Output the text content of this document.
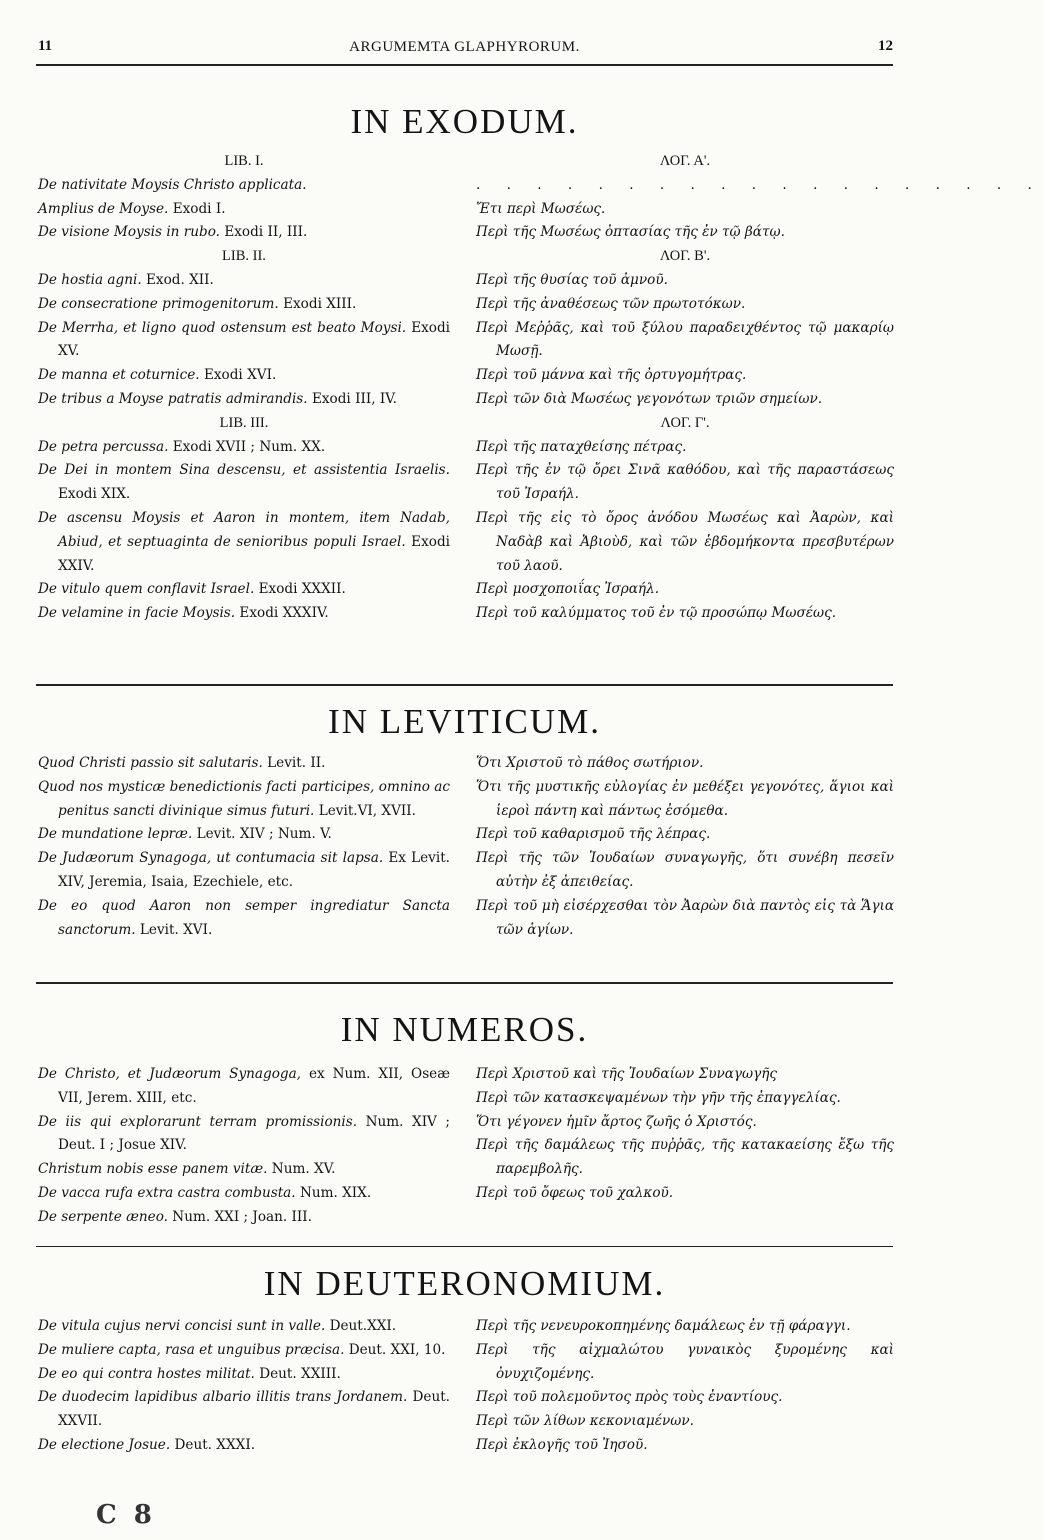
11	ARGUMEMTA GLAPHYRORUM.	12
IN EXODUM.
LIB. I.
De nativitate Moysis Christo applicata.
Amplius de Moyse. Exodi I.
De visione Moysis in rubo. Exodi II, III.
LIB. II.
De hostia agni. Exod. XII.
De consecratione primogenitorum. Exodi XIII.
De Merrha, et ligno quod ostensum est beato Moysi. Exodi XV.
De manna et coturnice. Exodi XVI.
De tribus a Moyse patratis admirandis. Exodi III, IV.
LIB. III.
De petra percussa. Exodi XVII ; Num. XX.
De Dei in montem Sina descensu, et assistentia Israelis. Exodi XIX.
De ascensu Moysis et Aaron in montem, item Nadab, Abiud, et septuaginta de senioribus populi Israel. Exodi XXIV.
De vitulo quem conflavit Israel. Exodi XXXII.
De velamine in facie Moysis. Exodi XXXIV.
ΛΟΓ. Α'.
. . . . . . . . . . . . . . . . . . .
Ἔτι περὶ Μωσέως.
Περὶ τῆς Μωσέως ὀπτασίας τῆς ἐν τῷ βάτῳ.
ΛΟΓ. Β'.
Περὶ τῆς θυσίας τοῦ ἀμνοῦ.
Περὶ τῆς ἀναθέσεως τῶν πρωτοτόκων.
Περὶ Μεῤῥᾶς, καὶ τοῦ ξύλου παραδειχθέντος τῷ μακαρίῳ Μωσῇ.
Περὶ τοῦ μάννα καὶ τῆς ὀρτυγομήτρας.
Περὶ τῶν διὰ Μωσέως γεγονότων τριῶν σημείων.
ΛΟΓ. Γ'.
Περὶ τῆς παταχθείσης πέτρας.
Περὶ τῆς ἐν τῷ ὄρει Σινᾶ καθόδου, καὶ τῆς παραστάσεως τοῦ Ἰσραήλ.
Περὶ τῆς εἰς τὸ ὄρος ἀνόδου Μωσέως καὶ Ἀαρὼν, καὶ Ναδὰβ καὶ Ἀβιοὺδ, καὶ τῶν ἑβδομήκοντα πρεσβυτέρων τοῦ λαοῦ.
Περὶ μοσχοποιΐας Ἰσραήλ.
Περὶ τοῦ καλύμματος τοῦ ἐν τῷ προσώπῳ Μωσέως.
IN LEVITICUM.
Quod Christi passio sit salutaris. Levit. II.
Quod nos mysticæ benedictionis facti participes, omnino ac penitus sancti divinique simus futuri. Levit.VI, XVII.
De mundatione lepræ. Levit. XIV ; Num. V.
De Judæorum Synagoga, ut contumacia sit lapsa. Ex Levit. XIV, Jeremia, Isaia, Ezechiele, etc.
De eo quod Aaron non semper ingrediatur Sancta sanctorum. Levit. XVI.
Ὅτι Χριστοῦ τὸ πάθος σωτήριον.
Ὅτι τῆς μυστικῆς εὐλογίας ἐν μεθέξει γεγονότες, ἅγιοι καὶ ἱεροὶ πάντη καὶ πάντως ἐσόμεθα.
Περὶ τοῦ καθαρισμοῦ τῆς λέπρας.
Περὶ τῆς τῶν Ἰουδαίων συναγωγῆς, ὅτι συνέβη πεσεῖν αὐτὴν ἐξ ἀπειθείας.
Περὶ τοῦ μὴ εἰσέρχεσθαι τὸν Ἀαρὼν διὰ παντὸς εἰς τὰ Ἅγια τῶν ἁγίων.
IN NUMEROS.
De Christo, et Judæorum Synagoga, ex Num. XII, Oseæ VII, Jerem. XIII, etc.
De iis qui explorarunt terram promissionis. Num. XIV ; Deut. I ; Josue XIV.
Christum nobis esse panem vitæ. Num. XV.
De vacca rufa extra castra combusta. Num. XIX.
De serpente æneo. Num. XXI ; Joan. III.
Περὶ Χριστοῦ καὶ τῆς Ἰουδαίων Συναγωγῆς
Περὶ τῶν κατασκεψαμένων τὴν γῆν τῆς ἐπαγγελίας.
Ὅτι γέγονεν ἡμῖν ἄρτος ζωῆς ὁ Χριστός.
Περὶ τῆς δαμάλεως τῆς πυῤῥᾶς, τῆς κατακαείσης ἔξω τῆς παρεμβολῆς.
Περὶ τοῦ ὄφεως τοῦ χαλκοῦ.
IN DEUTERONOMIUM.
De vitula cujus nervi concisi sunt in valle. Deut.XXI.
De muliere capta, rasa et unguibus præcisa. Deut. XXI, 10.
De eo qui contra hostes militat. Deut. XXIII.
De duodecim lapidibus albario illitis trans Jordanem. Deut. XXVII.
De electione Josue. Deut. XXXI.
Περὶ τῆς νενευροκοπημένης δαμάλεως ἐν τῇ φάραγγι.
Περὶ τῆς αἰχμαλώτου γυναικὸς ξυρομένης καὶ ὀνυχιζομένης.
Περὶ τοῦ πολεμοῦντος πρὸς τοὺς ἐναντίους.
Περὶ τῶν λίθων κεκονιαμένων.
Περὶ ἐκλογῆς τοῦ Ἰησοῦ.
C 8
